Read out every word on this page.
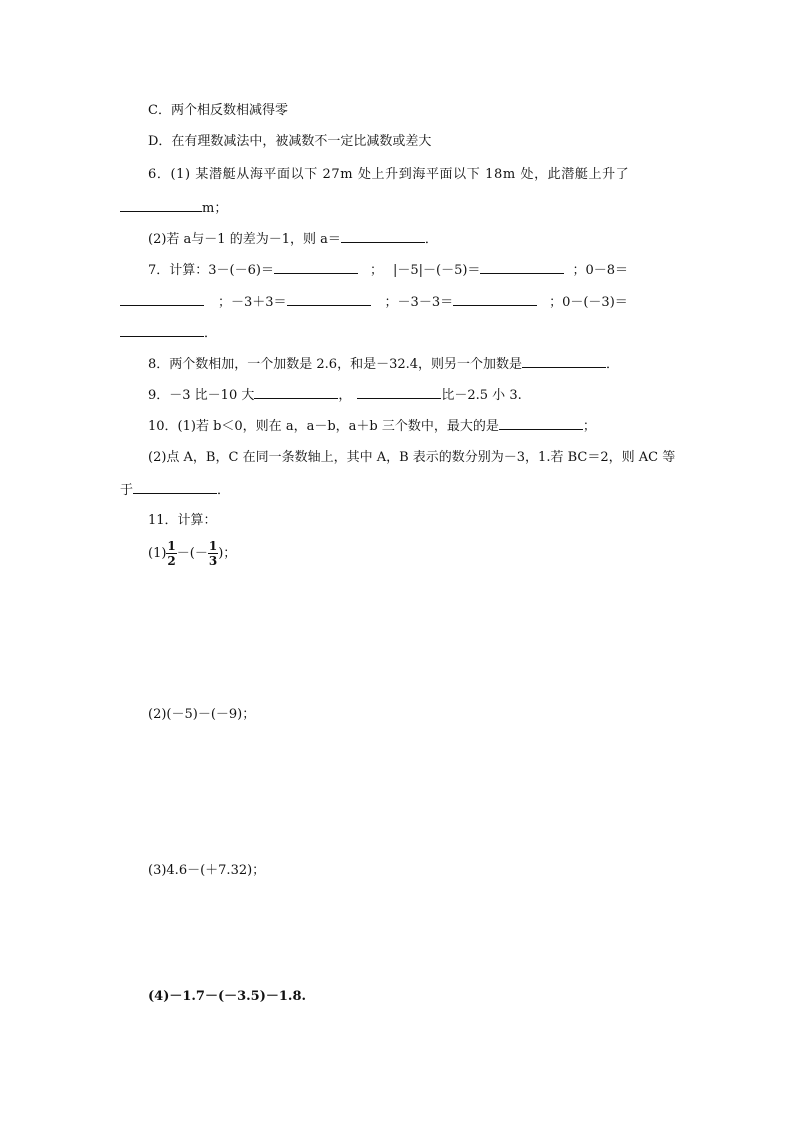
C．两个相反数相减得零
D．在有理数减法中，被减数不一定比减数或差大
6．(1) 某潜艇从海平面以下 27m 处上升到海平面以下 18m 处，此潜艇上升了
m；
(2)若 a与－1 的差为－1，则 a＝	．
7．计算：3－(－6)＝	； |－5|－(－5)＝	；0－8＝
；－3＋3＝	；－3－3＝	；0－(－3)＝
．
8．两个数相加，一个加数是 2.6，和是－32.4，则另一个加数是	．
9．－3 比－10 大	，	比－2.5 小 3.
10．(1)若 b＜0，则在 a，a－b，a＋b 三个数中，最大的是	；
(2)点 A，B，C 在同一条数轴上，其中 A，B 表示的数分别为－3，1.若 BC＝2，则 AC 等
于	．
11．计算：
$(1) \frac{1}{2}$ －(－ $\frac{1}{3}$ )；
(2)(－5)－(－9)；
(3)4.6－(＋7.32)；
(4)－1.7－(－3.5)－1.8.
